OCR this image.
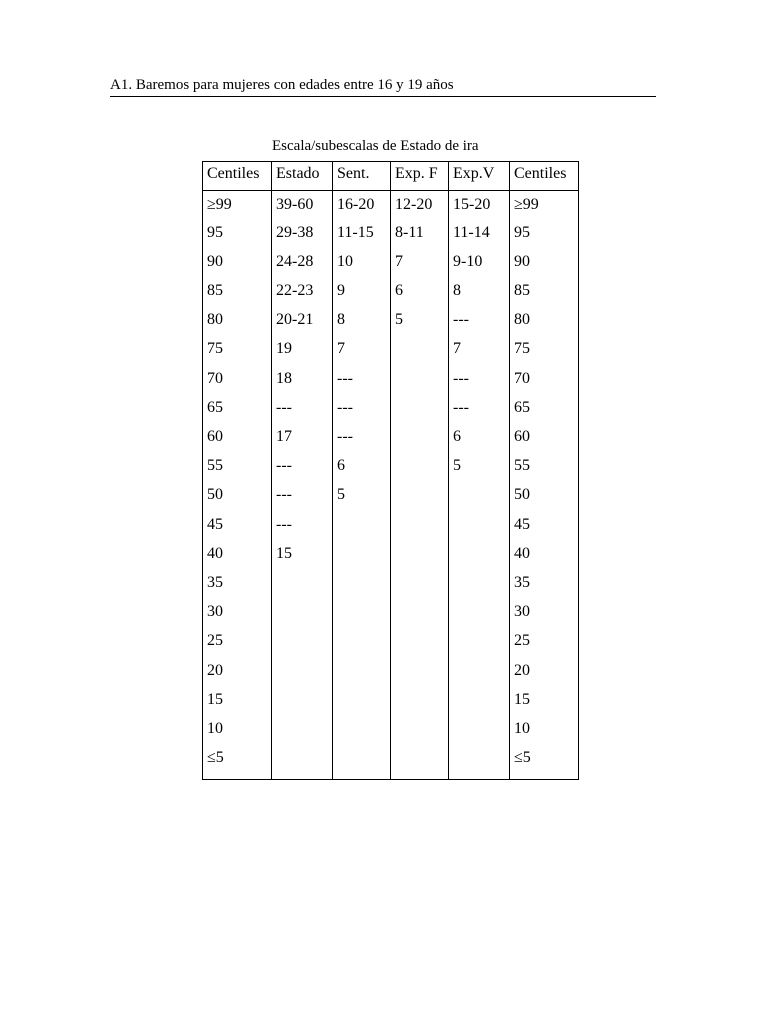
A1. Baremos para mujeres con edades entre 16 y 19 años
Escala/subescalas de Estado de ira
Centiles	Estado	Sent.	Exp. F	Exp.V	Centiles
≥99	39-60	16-20	12-20	15-20	≥99
95	29-38	11-15	8-11	11-14	95
90	24-28	10	7	9-10	90
85	22-23	9	6	8	85
80	20-21	8	5	---	80
75	19	7		7	75
70	18	---		---	70
65	---	---		---	65
60	17	---		6	60
55	---	6		5	55
50	---	5			50
45	---				45
40	15				40
35					35
30					30
25					25
20					20
15					15
10					10
≤5					≤5
